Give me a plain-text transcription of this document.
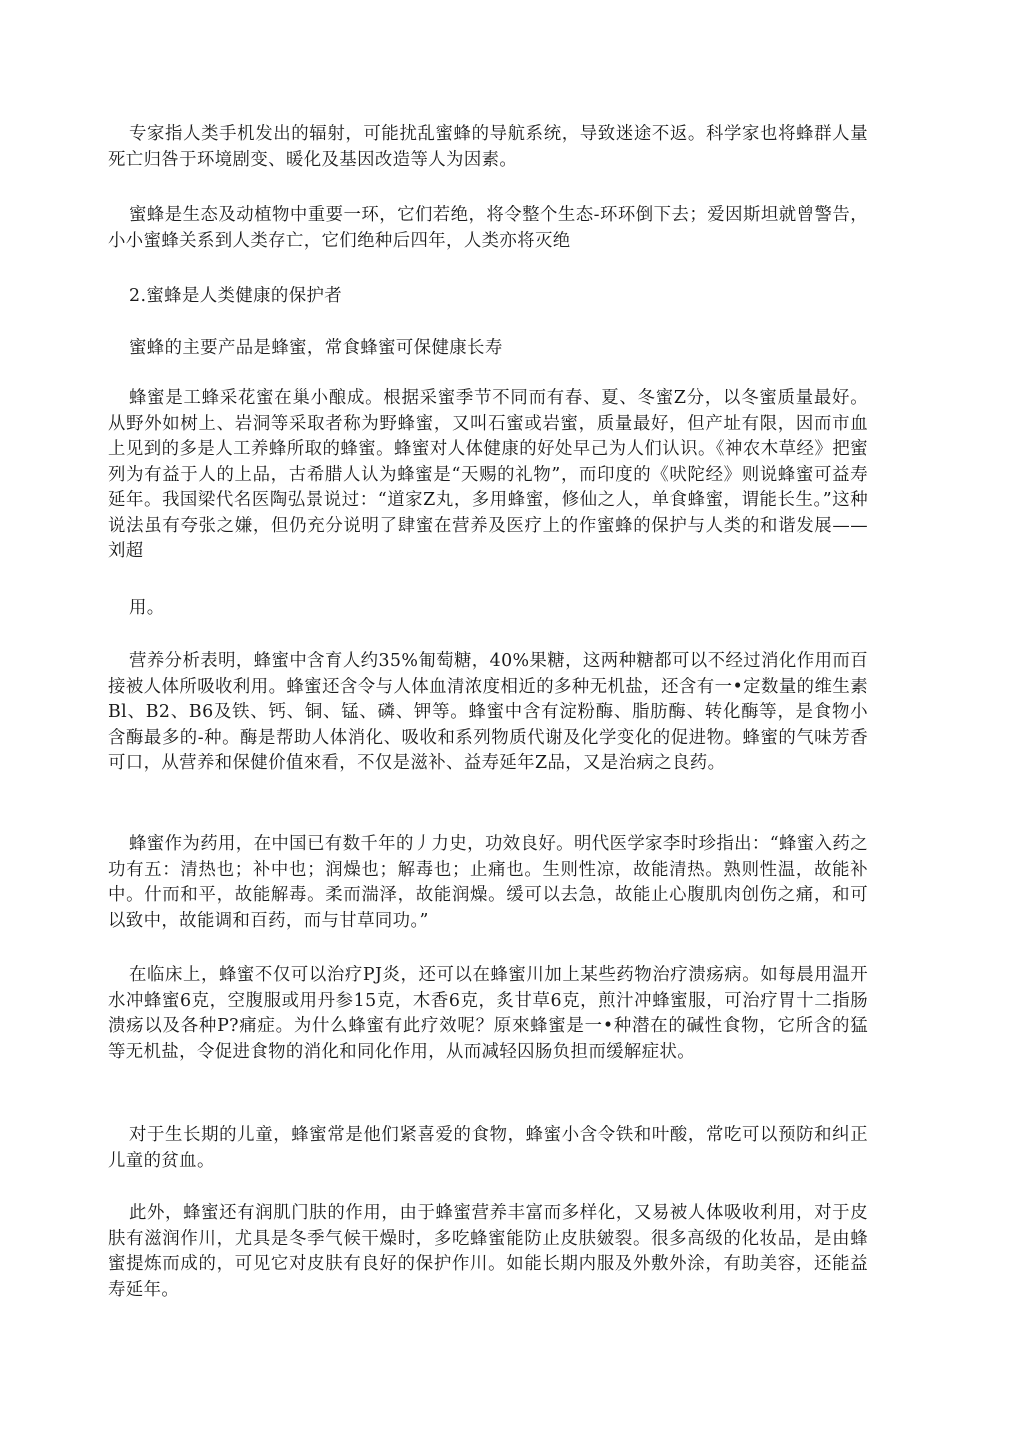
专家指人类手机发出的辐射，可能扰乱蜜蜂的导航系统，导致迷途不返。科学家也将蜂群人量死亡归咎于环境剧变、暖化及基因改造等人为因素。

蜜蜂是生态及动植物中重要一环，它们若绝，将令整个生态-环环倒下去；爱因斯坦就曾警告，小小蜜蜂关系到人类存亡，它们绝种后四年，人类亦将灭绝

2.蜜蜂是人类健康的保护者

蜜蜂的主要产品是蜂蜜，常食蜂蜜可保健康长寿

蜂蜜是工蜂采花蜜在巢小酿成。根据采蜜季节不同而有春、夏、冬蜜Z分，以冬蜜质量最好。从野外如树上、岩洞等采取者称为野蜂蜜，又叫石蜜或岩蜜，质量最好，但产址有限，因而市血上见到的多是人工养蜂所取的蜂蜜。蜂蜜对人体健康的好处早己为人们认识。《神农木草经》把蜜列为有益于人的上品，古希腊人认为蜂蜜是“天赐的礼物”，而印度的《吠陀经》则说蜂蜜可益寿延年。我国梁代名医陶弘景说过：“道家Z丸，多用蜂蜜，修仙之人，单食蜂蜜，谓能长生。”这种说法虽有夸张之嫌，但仍充分说明了肆蜜在营养及医疗上的作蜜蜂的保护与人类的和谐发展——刘超

用。

营养分析表明，蜂蜜中含育人约35%匍萄糖，40%果糖，这两种糖都可以不经过消化作用而百接被人体所吸收利用。蜂蜜还含令与人体血清浓度相近的多种无机盐，还含有一•定数量的维生素Bl、B2、B6及铁、钙、铜、锰、磷、钾等。蜂蜜中含有淀粉酶、脂肪酶、转化酶等，是食物小含酶最多的-种。酶是帮助人体消化、吸收和系列物质代谢及化学变化的促进物。蜂蜜的气味芳香可口，从营养和保健价值來看，不仅是滋补、益寿延年Z品，又是治病之良药。

蜂蜜作为药用，在中国已有数千年的丿力史，功效良好。明代医学家李时珍指出：“蜂蜜入药之功有五：清热也；补中也；润燥也；解毒也；止痛也。生则性凉，故能清热。熟则性温，故能补中。什而和平，故能解毒。柔而湍泽，故能润燥。缓可以去急，故能止心腹肌肉创伤之痛，和可以致中，故能调和百药，而与甘草同功。”

在临床上，蜂蜜不仅可以治疗PJ炎，还可以在蜂蜜川加上某些药物治疗溃疡病。如每晨用温开水冲蜂蜜6克，空腹服或用丹参15克，木香6克，炙甘草6克，煎汁冲蜂蜜服，可治疗胃十二指肠溃疡以及各种P?痛症。为什么蜂蜜有此疗效呢？原來蜂蜜是一•种潜在的碱性食物，它所含的猛等无机盐，令促进食物的消化和同化作用，从而减轻囚肠负担而缓解症状。

对于生长期的儿童，蜂蜜常是他们紧喜爱的食物，蜂蜜小含令铁和叶酸，常吃可以预防和纠正儿童的贫血。

此外，蜂蜜还有润肌门肤的作用，由于蜂蜜营养丰富而多样化，又易被人体吸收利用，对于皮肤有滋润作川，尤具是冬季气候干燥时，多吃蜂蜜能防止皮肤皴裂。很多高级的化妆品，是由蜂蜜提炼而成的，可见它对皮肤有良好的保护作川。如能长期内服及外敷外涂，有助美容，还能益寿延年。
